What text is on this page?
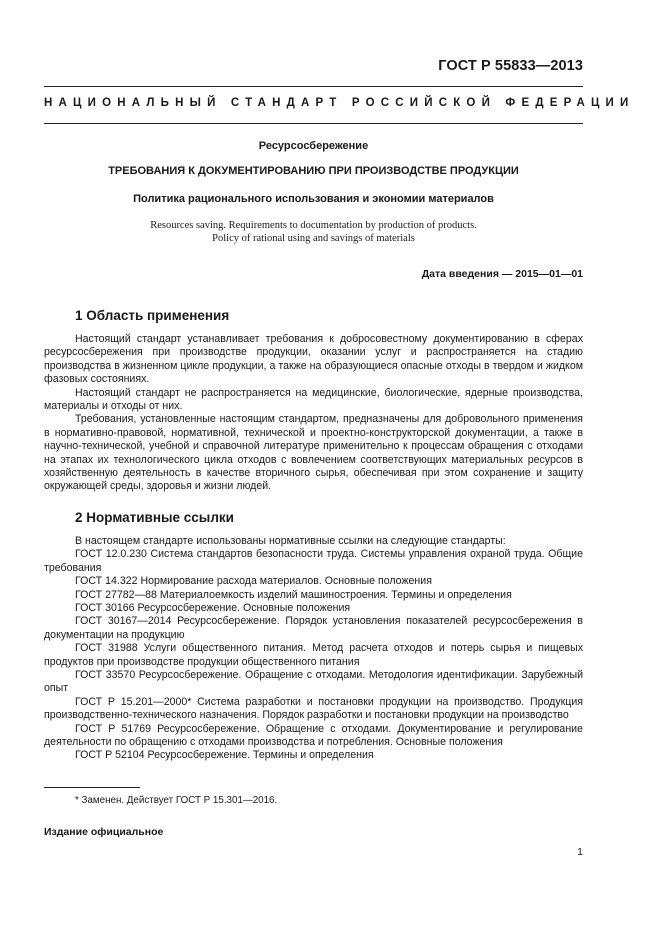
ГОСТ Р 55833—2013
НАЦИОНАЛЬНЫЙ СТАНДАРТ РОССИЙСКОЙ ФЕДЕРАЦИИ
Ресурсосбережение
ТРЕБОВАНИЯ К ДОКУМЕНТИРОВАНИЮ ПРИ ПРОИЗВОДСТВЕ ПРОДУКЦИИ
Политика рационального использования и экономии материалов
Resources saving. Requirements to documentation by production of products.
Policy of rational using and savings of materials
Дата введения — 2015—01—01
1 Область применения

Настоящий стандарт устанавливает требования к добросовестному документированию в сферах ресурсосбережения при производстве продукции, оказании услуг и распространяется на стадию производства в жизненном цикле продукции, а также на образующиеся опасные отходы в твердом и жидком фазовых состояниях.

Настоящий стандарт не распространяется на медицинские, биологические, ядерные производства, материалы и отходы от них.

Требования, установленные настоящим стандартом, предназначены для добровольного применения в нормативно-правовой, нормативной, технической и проектно-конструкторской документации, а также в научно-технической, учебной и справочной литературе применительно к процессам обращения с отходами на этапах их технологического цикла отходов с вовлечением соответствующих материальных ресурсов в хозяйственную деятельность в качестве вторичного сырья, обеспечивая при этом сохранение и защиту окружающей среды, здоровья и жизни людей.

2 Нормативные ссылки

В настоящем стандарте использованы нормативные ссылки на следующие стандарты:

ГОСТ 12.0.230 Система стандартов безопасности труда. Системы управления охраной труда. Общие требования

ГОСТ 14.322 Нормирование расхода материалов. Основные положения

ГОСТ 27782—88 Материалоемкость изделий машиностроения. Термины и определения

ГОСТ 30166 Ресурсосбережение. Основные положения

ГОСТ 30167—2014 Ресурсосбережение. Порядок установления показателей ресурсосбережения в документации на продукцию

ГОСТ 31988 Услуги общественного питания. Метод расчета отходов и потерь сырья и пищевых продуктов при производстве продукции общественного питания

ГОСТ 33570 Ресурсосбережение. Обращение с отходами. Методология идентификации. Зарубежный опыт

ГОСТ Р 15.201—2000* Система разработки и постановки продукции на производство. Продукция производственно-технического назначения. Порядок разработки и постановки продукции на производство

ГОСТ Р 51769 Ресурсосбережение. Обращение с отходами. Документирование и регулирование деятельности по обращению с отходами производства и потребления. Основные положения

ГОСТ Р 52104 Ресурсосбережение. Термины и определения

* Заменен. Действует ГОСТ Р 15.301—2016.
Издание официальное
1
